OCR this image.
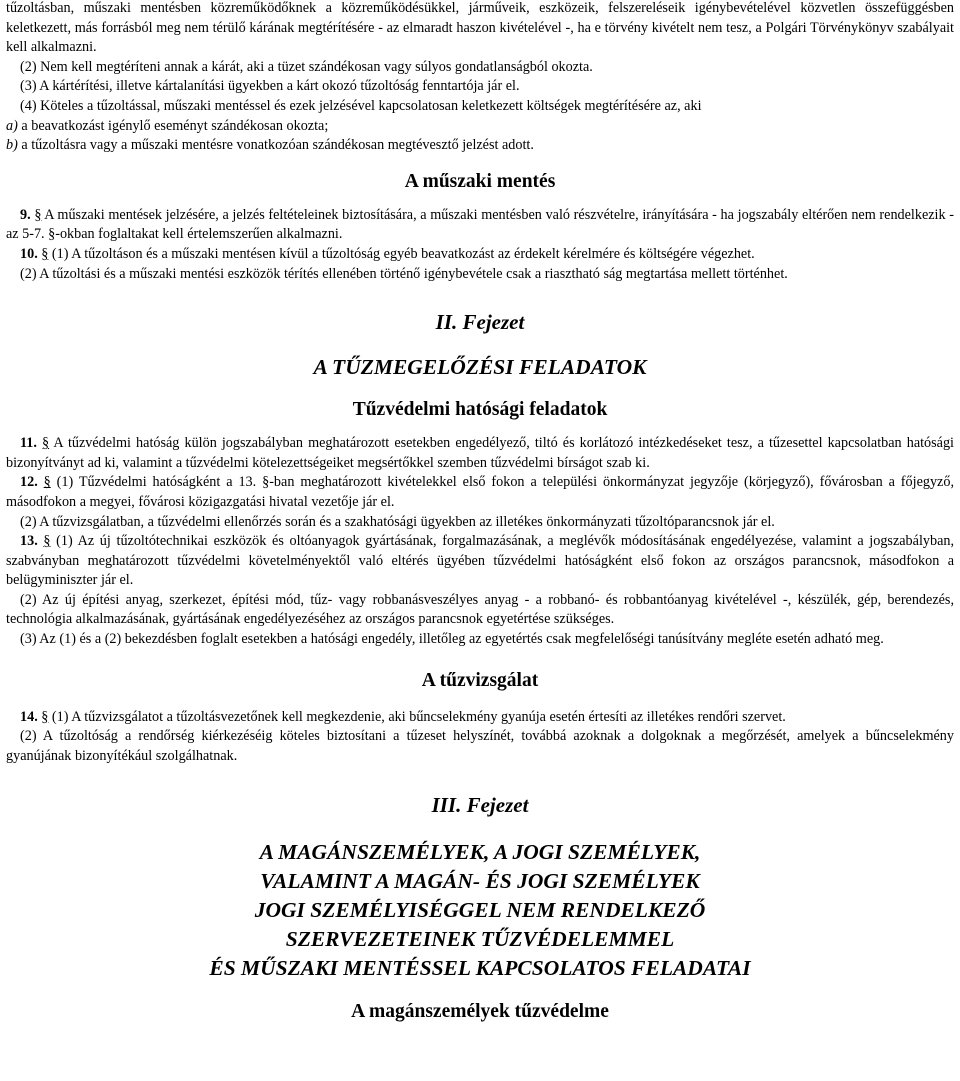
tűzoltásban, műszaki mentésben közreműködőknek a közreműködésükkel, járműveik, eszközeik, felszereléseik igénybevételével közvetlen összefüggésben keletkezett, más forrásból meg nem térülő kárának megtérítésére - az elmaradt haszon kivételével -, ha e törvény kivételt nem tesz, a Polgári Törvénykönyv szabályait kell alkalmazni.

(2) Nem kell megtéríteni annak a kárát, aki a tüzet szándékosan vagy súlyos gondatlanságból okozta.

(3) A kártérítési, illetve kártalanítási ügyekben a kárt okozó tűzoltóság fenntartója jár el.

(4) Köteles a tűzoltással, műszaki mentéssel és ezek jelzésével kapcsolatosan keletkezett költségek megtérítésére az, aki

a) a beavatkozást igénylő eseményt szándékosan okozta;

b) a tűzoltásra vagy a műszaki mentésre vonatkozóan szándékosan megtévesztő jelzést adott.

A műszaki mentés

9. § A műszaki mentések jelzésére, a jelzés feltételeinek biztosítására, a műszaki mentésben való részvételre, irányítására - ha jogszabály eltérően nem rendelkezik - az 5-7. §-okban foglaltakat kell értelemszerűen alkalmazni.

10. § (1) A tűzoltáson és a műszaki mentésen kívül a tűzoltóság egyéb beavatkozást az érdekelt kérelmére és költségére végezhet.

(2) A tűzoltási és a műszaki mentési eszközök térítés ellenében történő igénybevétele csak a riasztható ság megtartása mellett történhet.

II. Fejezet
A TŰZMEGELŐZÉSI FELADATOK
Tűzvédelmi hatósági feladatok

11. § A tűzvédelmi hatóság külön jogszabályban meghatározott esetekben engedélyező, tiltó és korlátozó intézkedéseket tesz, a tűzesettel kapcsolatban hatósági bizonyítványt ad ki, valamint a tűzvédelmi kötelezettségeiket megsértőkkel szemben tűzvédelmi bírságot szab ki.

12. § (1) Tűzvédelmi hatóságként a 13. §-ban meghatározott kivételekkel első fokon a települési önkormányzat jegyzője (körjegyző), fővárosban a főjegyző, másodfokon a megyei, fővárosi közigazgatási hivatal vezetője jár el.

(2) A tűzvizsgálatban, a tűzvédelmi ellenőrzés során és a szakhatósági ügyekben az illetékes önkormányzati tűzoltóparancsnok jár el.

13. § (1) Az új tűzoltótechnikai eszközök és oltóanyagok gyártásának, forgalmazásának, a meglévők módosításának engedélyezése, valamint a jogszabályban, szabványban meghatározott tűzvédelmi követelményektől való eltérés ügyében tűzvédelmi hatóságként első fokon az országos parancsnok, másodfokon a belügyminiszter jár el.

(2) Az új építési anyag, szerkezet, építési mód, tűz- vagy robbanásveszélyes anyag - a robbanó- és robbantóanyag kivételével -, készülék, gép, berendezés, technológia alkalmazásának, gyártásának engedélyezéséhez az országos parancsnok egyetértése szükséges.

(3) Az (1) és a (2) bekezdésben foglalt esetekben a hatósági engedély, illetőleg az egyetértés csak megfelelőségi tanúsítvány megléte esetén adható meg.

A tűzvizsgálat

14. § (1) A tűzvizsgálatot a tűzoltásvezetőnek kell megkezdenie, aki bűncselekmény gyanúja esetén értesíti az illetékes rendőri szervet.

(2) A tűzoltóság a rendőrség kiérkezéséig köteles biztosítani a tűzeset helyszínét, továbbá azoknak a dolgoknak a megőrzését, amelyek a bűncselekmény gyanújának bizonyítékául szolgálhatnak.

III. Fejezet
A MAGÁNSZEMÉLYEK, A JOGI SZEMÉLYEK,
VALAMINT A MAGÁN- ÉS JOGI SZEMÉLYEK
JOGI SZEMÉLYISÉGGEL NEM RENDELKEZŐ
SZERVEZETEINEK TŰZVÉDELEMMEL
ÉS MŰSZAKI MENTÉSSEL KAPCSOLATOS FELADATAI
A magánszemélyek tűzvédelme
